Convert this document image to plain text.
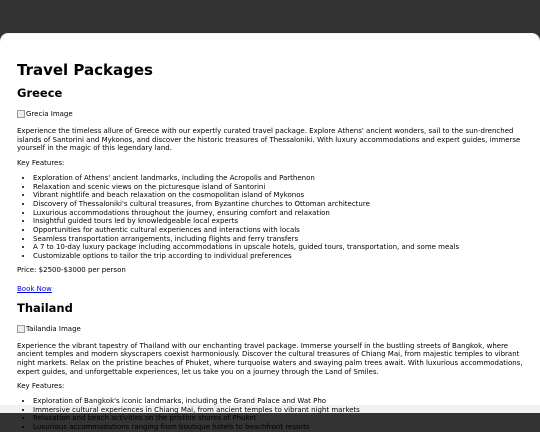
Travel Packages
Greece
Grecia Image

Experience the timeless allure of Greece with our expertly curated travel package. Explore Athens' ancient wonders, sail to the sun-drenched islands of Santorini and Mykonos, and discover the historic treasures of Thessaloniki. With luxury accommodations and expert guides, immerse yourself in the magic of this legendary land.

Key Features:

• Exploration of Athens' ancient landmarks, including the Acropolis and Parthenon
• Relaxation and scenic views on the picturesque island of Santorini
• Vibrant nightlife and beach relaxation on the cosmopolitan island of Mykonos
• Discovery of Thessaloniki's cultural treasures, from Byzantine churches to Ottoman architecture
• Luxurious accommodations throughout the journey, ensuring comfort and relaxation
• Insightful guided tours led by knowledgeable local experts
• Opportunities for authentic cultural experiences and interactions with locals
• Seamless transportation arrangements, including flights and ferry transfers
• A 7 to 10-day luxury package including accommodations in upscale hotels, guided tours, transportation, and some meals
• Customizable options to tailor the trip according to individual preferences

Price: $2500-$3000 per person

Book Now
Thailand
Tailandia Image

Experience the vibrant tapestry of Thailand with our enchanting travel package. Immerse yourself in the bustling streets of Bangkok, where ancient temples and modern skyscrapers coexist harmoniously. Discover the cultural treasures of Chiang Mai, from majestic temples to vibrant night markets. Relax on the pristine beaches of Phuket, where turquoise waters and swaying palm trees await. With luxurious accommodations, expert guides, and unforgettable experiences, let us take you on a journey through the Land of Smiles.

Key Features:

• Exploration of Bangkok's iconic landmarks, including the Grand Palace and Wat Pho
• Immersive cultural experiences in Chiang Mai, from ancient temples to vibrant night markets
• Relaxation and beach activities on the pristine shores of Phuket
• Luxurious accommodations ranging from boutique hotels to beachfront resorts
